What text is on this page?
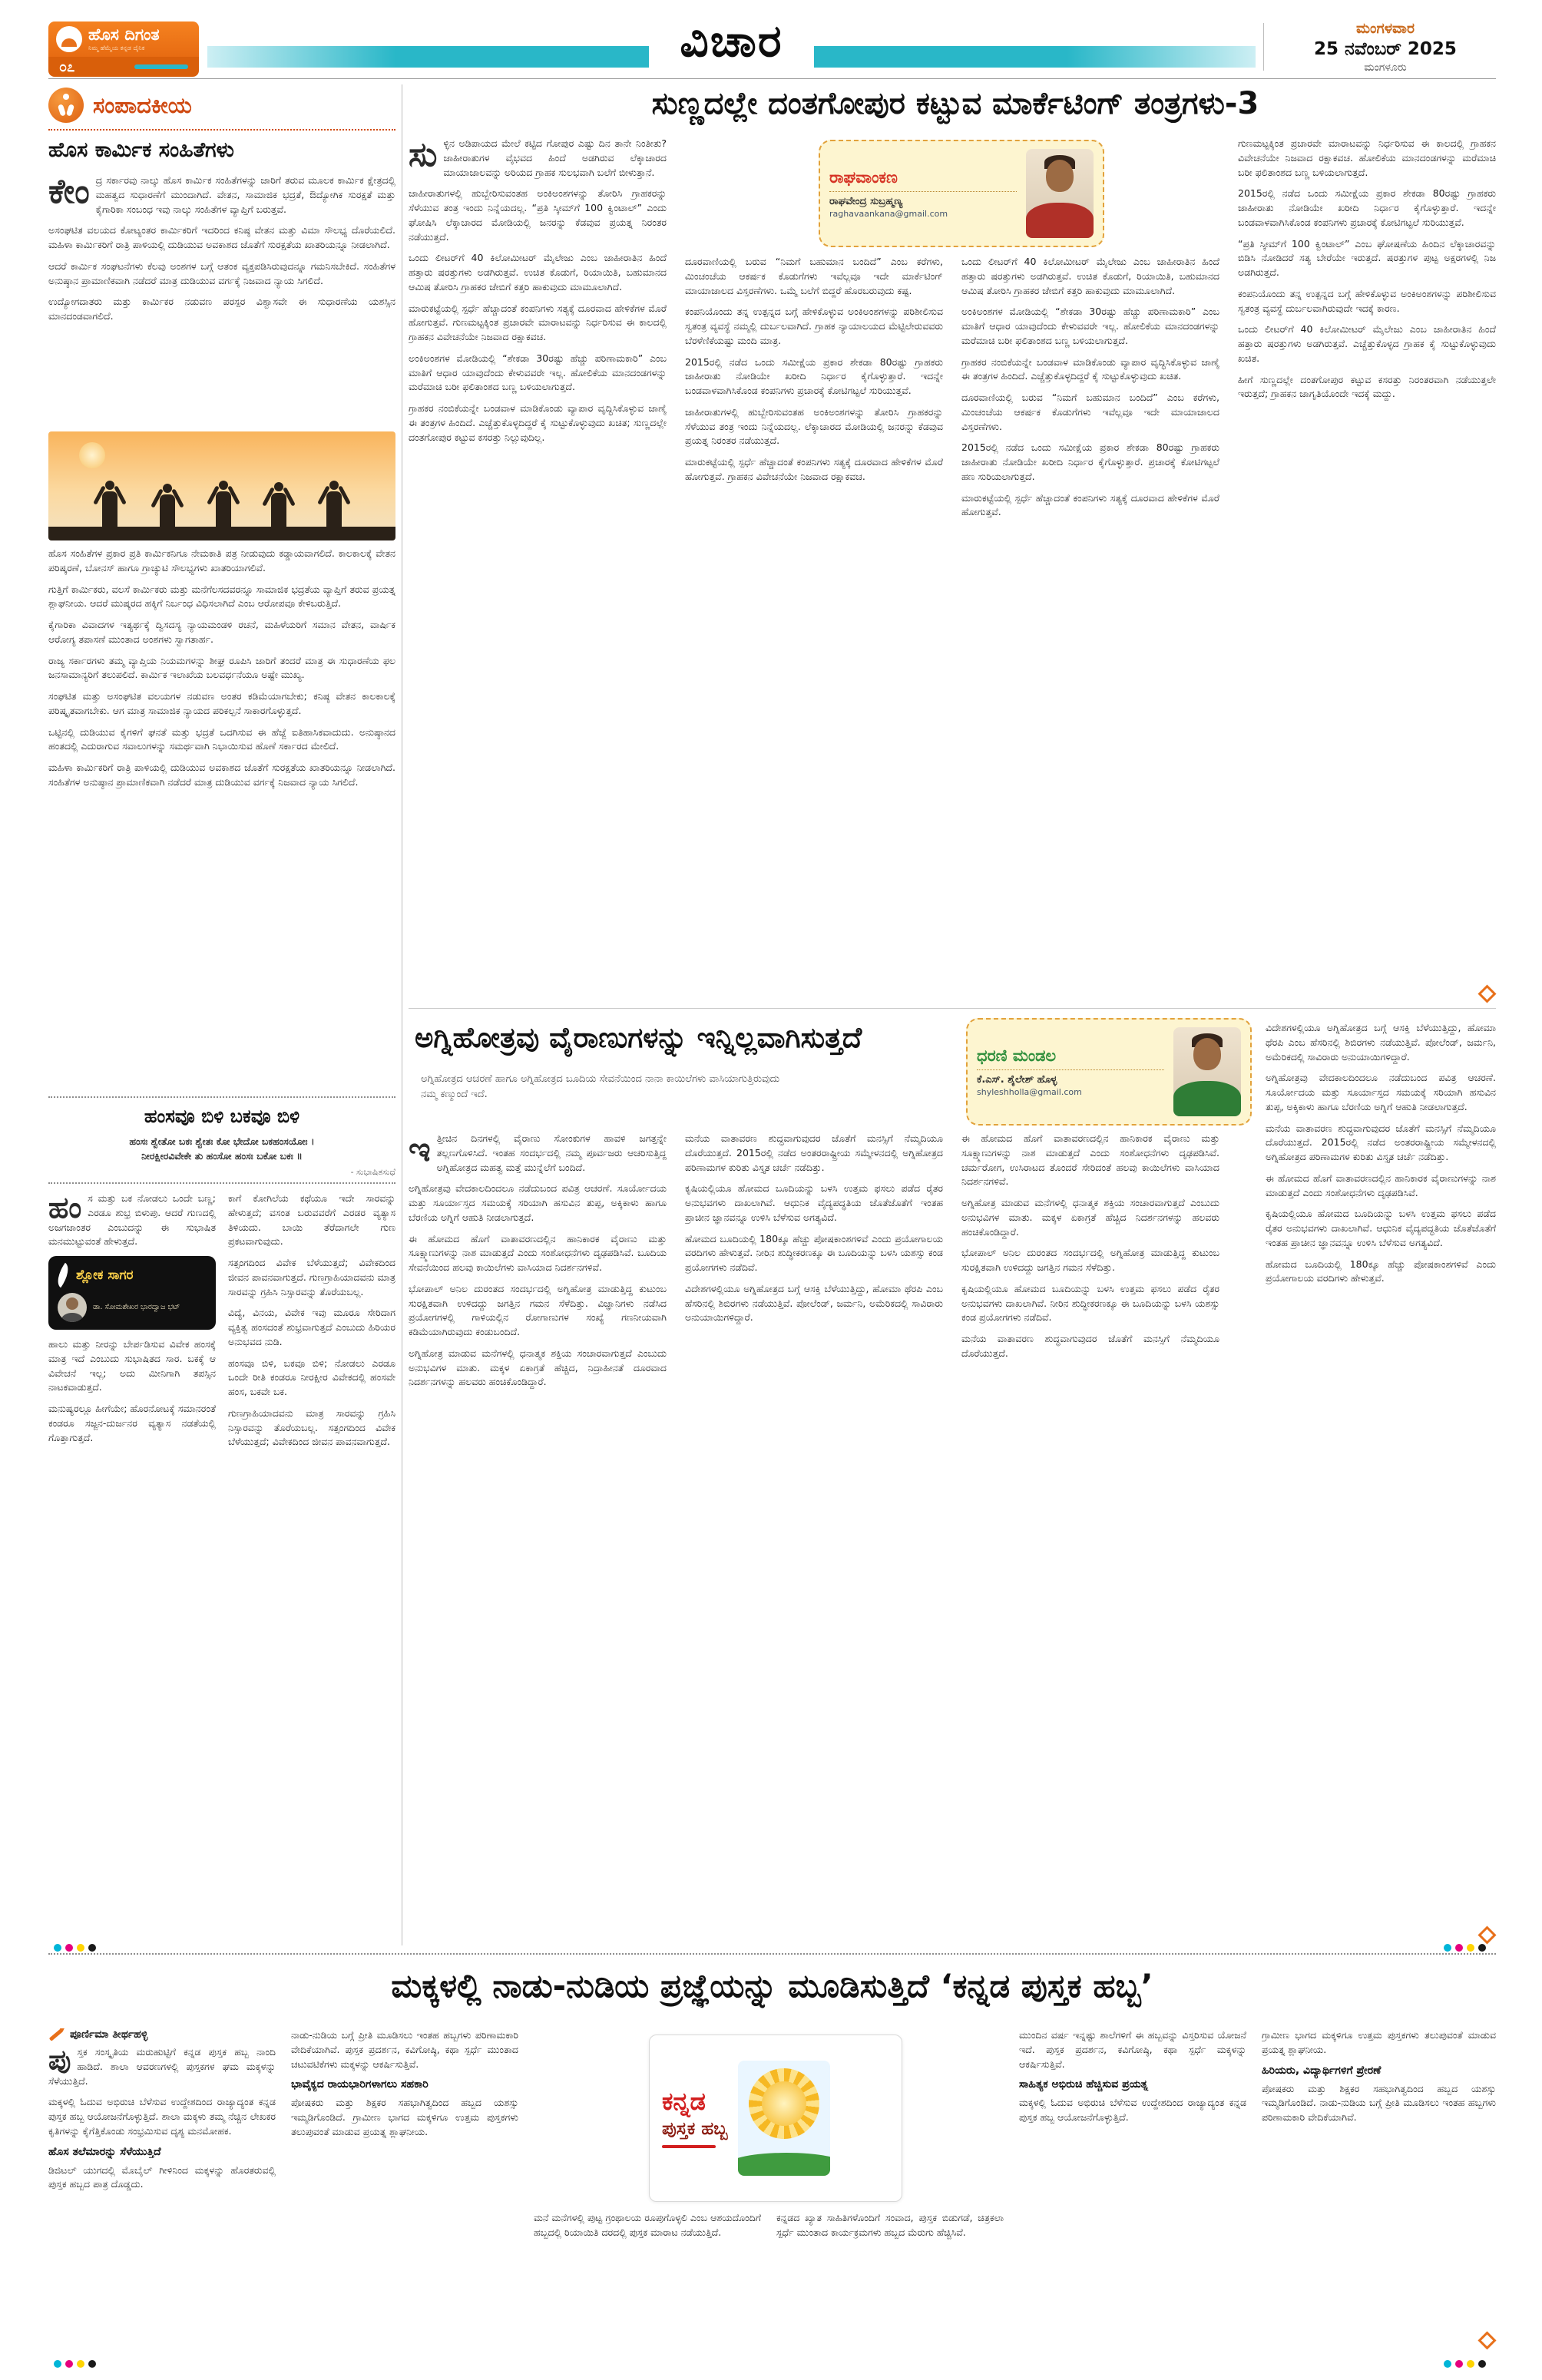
ಹೊಸ ದಿಗಂತ
ನಿಮ್ಮ ಹೆಮ್ಮೆಯ ಕನ್ನಡ ದೈನಿಕ
೦೭
ವಿಚಾರ	ಮಂಗಳವಾರ
25 ನವೆಂಬರ್ 2025
ಮಂಗಳೂರು
ಸಂಪಾದಕೀಯ
ಹೊಸ ಕಾರ್ಮಿಕ ಸಂಹಿತೆಗಳು

ಕೇಂದ್ರ ಸರ್ಕಾರವು ನಾಲ್ಕು ಹೊಸ ಕಾರ್ಮಿಕ ಸಂಹಿತೆಗಳನ್ನು ಜಾರಿಗೆ ತರುವ ಮೂಲಕ ಕಾರ್ಮಿಕ ಕ್ಷೇತ್ರದಲ್ಲಿ ಮಹತ್ವದ ಸುಧಾರಣೆಗೆ ಮುಂದಾಗಿದೆ. ವೇತನ, ಸಾಮಾಜಿಕ ಭದ್ರತೆ, ಔದ್ಯೋಗಿಕ ಸುರಕ್ಷತೆ ಮತ್ತು ಕೈಗಾರಿಕಾ ಸಂಬಂಧ ಇವು ನಾಲ್ಕು ಸಂಹಿತೆಗಳ ವ್ಯಾಪ್ತಿಗೆ ಬರುತ್ತವೆ.

ಅಸಂಘಟಿತ ವಲಯದ ಕೋಟ್ಯಂತರ ಕಾರ್ಮಿಕರಿಗೆ ಇದರಿಂದ ಕನಿಷ್ಠ ವೇತನ ಮತ್ತು ವಿಮಾ ಸೌಲಭ್ಯ ದೊರೆಯಲಿದೆ. ಮಹಿಳಾ ಕಾರ್ಮಿಕರಿಗೆ ರಾತ್ರಿ ಪಾಳಿಯಲ್ಲಿ ದುಡಿಯುವ ಅವಕಾಶದ ಜೊತೆಗೆ ಸುರಕ್ಷತೆಯ ಖಾತರಿಯನ್ನೂ ನೀಡಲಾಗಿದೆ.

ಆದರೆ ಕಾರ್ಮಿಕ ಸಂಘಟನೆಗಳು ಕೆಲವು ಅಂಶಗಳ ಬಗ್ಗೆ ಆತಂಕ ವ್ಯಕ್ತಪಡಿಸಿರುವುದನ್ನೂ ಗಮನಿಸಬೇಕಿದೆ. ಸಂಹಿತೆಗಳ ಅನುಷ್ಠಾನ ಪ್ರಾಮಾಣಿಕವಾಗಿ ನಡೆದರೆ ಮಾತ್ರ ದುಡಿಯುವ ವರ್ಗಕ್ಕೆ ನಿಜವಾದ ನ್ಯಾಯ ಸಿಗಲಿದೆ.

ಉದ್ಯೋಗದಾತರು ಮತ್ತು ಕಾರ್ಮಿಕರ ನಡುವಣ ಪರಸ್ಪರ ವಿಶ್ವಾಸವೇ ಈ ಸುಧಾರಣೆಯ ಯಶಸ್ಸಿನ ಮಾನದಂಡವಾಗಲಿದೆ.

ಹೊಸ ಸಂಹಿತೆಗಳ ಪ್ರಕಾರ ಪ್ರತಿ ಕಾರ್ಮಿಕನಿಗೂ ನೇಮಕಾತಿ ಪತ್ರ ನೀಡುವುದು ಕಡ್ಡಾಯವಾಗಲಿದೆ. ಕಾಲಕಾಲಕ್ಕೆ ವೇತನ ಪರಿಷ್ಕರಣೆ, ಬೋನಸ್ ಹಾಗೂ ಗ್ರಾಚ್ಯುಟಿ ಸೌಲಭ್ಯಗಳು ಖಾತರಿಯಾಗಲಿವೆ.

ಗುತ್ತಿಗೆ ಕಾರ್ಮಿಕರು, ವಲಸೆ ಕಾರ್ಮಿಕರು ಮತ್ತು ಮನೆಗೆಲಸದವರನ್ನೂ ಸಾಮಾಜಿಕ ಭದ್ರತೆಯ ವ್ಯಾಪ್ತಿಗೆ ತರುವ ಪ್ರಯತ್ನ ಶ್ಲಾಘನೀಯ. ಆದರೆ ಮುಷ್ಕರದ ಹಕ್ಕಿಗೆ ನಿರ್ಬಂಧ ವಿಧಿಸಲಾಗಿದೆ ಎಂಬ ಆರೋಪವೂ ಕೇಳಿಬರುತ್ತಿದೆ.

ಕೈಗಾರಿಕಾ ವಿವಾದಗಳ ಇತ್ಯರ್ಥಕ್ಕೆ ದ್ವಿಸದಸ್ಯ ನ್ಯಾಯಮಂಡಳಿ ರಚನೆ, ಮಹಿಳೆಯರಿಗೆ ಸಮಾನ ವೇತನ, ವಾರ್ಷಿಕ ಆರೋಗ್ಯ ತಪಾಸಣೆ ಮುಂತಾದ ಅಂಶಗಳು ಸ್ವಾಗತಾರ್ಹ.

ರಾಜ್ಯ ಸರ್ಕಾರಗಳು ತಮ್ಮ ವ್ಯಾಪ್ತಿಯ ನಿಯಮಗಳನ್ನು ಶೀಘ್ರ ರೂಪಿಸಿ ಜಾರಿಗೆ ತಂದರೆ ಮಾತ್ರ ಈ ಸುಧಾರಣೆಯ ಫಲ ಜನಸಾಮಾನ್ಯರಿಗೆ ತಲುಪಲಿದೆ. ಕಾರ್ಮಿಕ ಇಲಾಖೆಯ ಬಲವರ್ಧನೆಯೂ ಅಷ್ಟೇ ಮುಖ್ಯ.

ಸಂಘಟಿತ ಮತ್ತು ಅಸಂಘಟಿತ ವಲಯಗಳ ನಡುವಣ ಅಂತರ ಕಡಿಮೆಯಾಗಬೇಕು; ಕನಿಷ್ಠ ವೇತನ ಕಾಲಕಾಲಕ್ಕೆ ಪರಿಷ್ಕೃತವಾಗಬೇಕು. ಆಗ ಮಾತ್ರ ಸಾಮಾಜಿಕ ನ್ಯಾಯದ ಪರಿಕಲ್ಪನೆ ಸಾಕಾರಗೊಳ್ಳುತ್ತದೆ.

ಒಟ್ಟಿನಲ್ಲಿ ದುಡಿಯುವ ಕೈಗಳಿಗೆ ಘನತೆ ಮತ್ತು ಭದ್ರತೆ ಒದಗಿಸುವ ಈ ಹೆಜ್ಜೆ ಐತಿಹಾಸಿಕವಾದುದು. ಅನುಷ್ಠಾನದ ಹಂತದಲ್ಲಿ ಎದುರಾಗುವ ಸವಾಲುಗಳನ್ನು ಸಮರ್ಥವಾಗಿ ನಿಭಾಯಿಸುವ ಹೊಣೆ ಸರ್ಕಾರದ ಮೇಲಿದೆ.

ಮಹಿಳಾ ಕಾರ್ಮಿಕರಿಗೆ ರಾತ್ರಿ ಪಾಳಿಯಲ್ಲಿ ದುಡಿಯುವ ಅವಕಾಶದ ಜೊತೆಗೆ ಸುರಕ್ಷತೆಯ ಖಾತರಿಯನ್ನೂ ನೀಡಲಾಗಿದೆ. ಸಂಹಿತೆಗಳ ಅನುಷ್ಠಾನ ಪ್ರಾಮಾಣಿಕವಾಗಿ ನಡೆದರೆ ಮಾತ್ರ ದುಡಿಯುವ ವರ್ಗಕ್ಕೆ ನಿಜವಾದ ನ್ಯಾಯ ಸಿಗಲಿದೆ.

ಹಂಸವೂ ಬಿಳಿ ಬಕವೂ ಬಿಳಿ
ಹಂಸಃ ಶ್ವೇತೋ ಬಕಃ ಶ್ವೇತಃ ಕೋ ಭೇದೋ ಬಕಹಂಸಯೋಃ ।
ನೀರಕ್ಷೀರವಿವೇಕೇ ತು ಹಂಸೋ ಹಂಸಃ ಬಕೋ ಬಕಃ ॥
- ಸುಭಾಷಿತಸುಧೆ

ಹಂಸ ಮತ್ತು ಬಕ ನೋಡಲು ಒಂದೇ ಬಣ್ಣ; ಎರಡೂ ಶುಭ್ರ ಬಿಳುಪು. ಆದರೆ ಗುಣದಲ್ಲಿ ಅಜಗಜಾಂತರ ಎಂಬುದನ್ನು ಈ ಸುಭಾಷಿತ ಮನಮುಟ್ಟುವಂತೆ ಹೇಳುತ್ತದೆ.

ಶ್ಲೋಕ ಸಾಗರ
ಡಾ. ಸೋಮಶೇಖರ ಭಾರದ್ವಾಜ ಭಟ್

ಹಾಲು ಮತ್ತು ನೀರನ್ನು ಬೇರ್ಪಡಿಸುವ ವಿವೇಕ ಹಂಸಕ್ಕೆ ಮಾತ್ರ ಇದೆ ಎಂಬುದು ಸುಭಾಷಿತದ ಸಾರ. ಬಕಕ್ಕೆ ಆ ವಿವೇಚನೆ ಇಲ್ಲ; ಅದು ಮೀನಿಗಾಗಿ ತಪಸ್ಸಿನ ನಾಟಕವಾಡುತ್ತದೆ.

ಮನುಷ್ಯರಲ್ಲೂ ಹೀಗೆಯೇ; ಹೊರನೋಟಕ್ಕೆ ಸಮಾನರಂತೆ ಕಂಡರೂ ಸಜ್ಜನ-ದುರ್ಜನರ ವ್ಯತ್ಯಾಸ ನಡತೆಯಲ್ಲಿ ಗೊತ್ತಾಗುತ್ತದೆ.

ಕಾಗೆ ಕೋಗಿಲೆಯ ಕಥೆಯೂ ಇದೇ ಸಾರವನ್ನು ಹೇಳುತ್ತದೆ; ವಸಂತ ಬರುವವರೆಗೆ ಎರಡರ ವ್ಯತ್ಯಾಸ ತಿಳಿಯದು. ಬಾಯಿ ತೆರೆದಾಗಲೇ ಗುಣ ಪ್ರಕಟವಾಗುವುದು.

ಸತ್ಸಂಗದಿಂದ ವಿವೇಕ ಬೆಳೆಯುತ್ತದೆ; ವಿವೇಕದಿಂದ ಜೀವನ ಪಾವನವಾಗುತ್ತದೆ. ಗುಣಗ್ರಾಹಿಯಾದವನು ಮಾತ್ರ ಸಾರವನ್ನು ಗ್ರಹಿಸಿ ನಿಸ್ಸಾರವನ್ನು ತೊರೆಯಬಲ್ಲ.

ವಿದ್ಯೆ, ವಿನಯ, ವಿವೇಕ ಇವು ಮೂರೂ ಸೇರಿದಾಗ ವ್ಯಕ್ತಿತ್ವ ಹಂಸದಂತೆ ಶುಭ್ರವಾಗುತ್ತದೆ ಎಂಬುದು ಹಿರಿಯರ ಅನುಭವದ ನುಡಿ.

ಹಂಸವೂ ಬಿಳಿ, ಬಕವೂ ಬಿಳಿ; ನೋಡಲು ಎರಡೂ ಒಂದೇ ರೀತಿ ಕಂಡರೂ ನೀರಕ್ಷೀರ ವಿವೇಕದಲ್ಲಿ ಹಂಸವೇ ಹಂಸ, ಬಕವೇ ಬಕ.

ಗುಣಗ್ರಾಹಿಯಾದವನು ಮಾತ್ರ ಸಾರವನ್ನು ಗ್ರಹಿಸಿ ನಿಸ್ಸಾರವನ್ನು ತೊರೆಯಬಲ್ಲ. ಸತ್ಸಂಗದಿಂದ ವಿವೇಕ ಬೆಳೆಯುತ್ತದೆ; ವಿವೇಕದಿಂದ ಜೀವನ ಪಾವನವಾಗುತ್ತದೆ.

ಸುಣ್ಣದಲ್ಲೇ ದಂತಗೋಪುರ ಕಟ್ಟುವ ಮಾರ್ಕೆಟಿಂಗ್ ತಂತ್ರಗಳು-3

ಸುಳ್ಳಿನ ಅಡಿಪಾಯದ ಮೇಲೆ ಕಟ್ಟಿದ ಗೋಪುರ ಎಷ್ಟು ದಿನ ತಾನೇ ನಿಂತೀತು? ಜಾಹೀರಾತುಗಳ ವೈಭವದ ಹಿಂದೆ ಅಡಗಿರುವ ಲೆಕ್ಕಾಚಾರದ ಮಾಯಾಜಾಲವನ್ನು ಅರಿಯದ ಗ್ರಾಹಕ ಸುಲಭವಾಗಿ ಬಲೆಗೆ ಬೀಳುತ್ತಾನೆ.

ಜಾಹೀರಾತುಗಳಲ್ಲಿ ಹುಬ್ಬೇರಿಸುವಂತಹ ಅಂಕಿಅಂಶಗಳನ್ನು ತೋರಿಸಿ ಗ್ರಾಹಕರನ್ನು ಸೆಳೆಯುವ ತಂತ್ರ ಇಂದು ನಿನ್ನೆಯದಲ್ಲ. “ಪ್ರತಿ ಸ್ಕೀಮ್‌ಗೆ 100 ಕ್ವಿಂಟಾಲ್” ಎಂದು ಘೋಷಿಸಿ ಲೆಕ್ಕಾಚಾರದ ಮೋಡಿಯಲ್ಲಿ ಜನರನ್ನು ಕೆಡವುವ ಪ್ರಯತ್ನ ನಿರಂತರ ನಡೆಯುತ್ತದೆ.

ಒಂದು ಲೀಟರ್‌ಗೆ 40 ಕಿಲೋಮೀಟರ್ ಮೈಲೇಜು ಎಂಬ ಜಾಹೀರಾತಿನ ಹಿಂದೆ ಹತ್ತಾರು ಷರತ್ತುಗಳು ಅಡಗಿರುತ್ತವೆ. ಉಚಿತ ಕೊಡುಗೆ, ರಿಯಾಯಿತಿ, ಬಹುಮಾನದ ಆಮಿಷ ತೋರಿಸಿ ಗ್ರಾಹಕರ ಜೇಬಿಗೆ ಕತ್ತರಿ ಹಾಕುವುದು ಮಾಮೂಲಾಗಿದೆ.

ಮಾರುಕಟ್ಟೆಯಲ್ಲಿ ಸ್ಪರ್ಧೆ ಹೆಚ್ಚಾದಂತೆ ಕಂಪನಿಗಳು ಸತ್ಯಕ್ಕೆ ದೂರವಾದ ಹೇಳಿಕೆಗಳ ಮೊರೆ ಹೋಗುತ್ತವೆ. ಗುಣಮಟ್ಟಕ್ಕಿಂತ ಪ್ರಚಾರವೇ ಮಾರಾಟವನ್ನು ನಿರ್ಧರಿಸುವ ಈ ಕಾಲದಲ್ಲಿ ಗ್ರಾಹಕನ ವಿವೇಚನೆಯೇ ನಿಜವಾದ ರಕ್ಷಾಕವಚ.

ಅಂಕಿಅಂಶಗಳ ಮೋಡಿಯಲ್ಲಿ “ಶೇಕಡಾ 30ರಷ್ಟು ಹೆಚ್ಚು ಪರಿಣಾಮಕಾರಿ” ಎಂಬ ಮಾತಿಗೆ ಆಧಾರ ಯಾವುದೆಂದು ಕೇಳುವವರೇ ಇಲ್ಲ. ಹೋಲಿಕೆಯ ಮಾನದಂಡಗಳನ್ನು ಮರೆಮಾಚಿ ಬರೀ ಫಲಿತಾಂಶದ ಬಣ್ಣ ಬಳಿಯಲಾಗುತ್ತದೆ.

ಗ್ರಾಹಕರ ನಂಬಿಕೆಯನ್ನೇ ಬಂಡವಾಳ ಮಾಡಿಕೊಂಡು ವ್ಯಾಪಾರ ವೃದ್ಧಿಸಿಕೊಳ್ಳುವ ಜಾಣ್ಮೆ ಈ ತಂತ್ರಗಳ ಹಿಂದಿದೆ. ಎಚ್ಚೆತ್ತುಕೊಳ್ಳದಿದ್ದರೆ ಕೈ ಸುಟ್ಟುಕೊಳ್ಳುವುದು ಖಚಿತ; ಸುಣ್ಣದಲ್ಲೇ ದಂತಗೋಪುರ ಕಟ್ಟುವ ಕಸರತ್ತು ನಿಲ್ಲುವುದಿಲ್ಲ.

ದೂರವಾಣಿಯಲ್ಲಿ ಬರುವ “ನಿಮಗೆ ಬಹುಮಾನ ಬಂದಿದೆ” ಎಂಬ ಕರೆಗಳು, ಮಿಂಚಂಚೆಯ ಆಕರ್ಷಕ ಕೊಡುಗೆಗಳು ಇವೆಲ್ಲವೂ ಇದೇ ಮಾರ್ಕೆಟಿಂಗ್ ಮಾಯಾಜಾಲದ ವಿಸ್ತರಣೆಗಳು. ಒಮ್ಮೆ ಬಲೆಗೆ ಬಿದ್ದರೆ ಹೊರಬರುವುದು ಕಷ್ಟ.

ಕಂಪನಿಯೊಂದು ತನ್ನ ಉತ್ಪನ್ನದ ಬಗ್ಗೆ ಹೇಳಿಕೊಳ್ಳುವ ಅಂಕಿಅಂಶಗಳನ್ನು ಪರಿಶೀಲಿಸುವ ಸ್ವತಂತ್ರ ವ್ಯವಸ್ಥೆ ನಮ್ಮಲ್ಲಿ ದುರ್ಬಲವಾಗಿದೆ. ಗ್ರಾಹಕ ನ್ಯಾಯಾಲಯದ ಮೆಟ್ಟಿಲೇರುವವರು ಬೆರಳೆಣಿಕೆಯಷ್ಟು ಮಂದಿ ಮಾತ್ರ.

2015ರಲ್ಲಿ ನಡೆದ ಒಂದು ಸಮೀಕ್ಷೆಯ ಪ್ರಕಾರ ಶೇಕಡಾ 80ರಷ್ಟು ಗ್ರಾಹಕರು ಜಾಹೀರಾತು ನೋಡಿಯೇ ಖರೀದಿ ನಿರ್ಧಾರ ಕೈಗೊಳ್ಳುತ್ತಾರೆ. ಇದನ್ನೇ ಬಂಡವಾಳವಾಗಿಸಿಕೊಂಡ ಕಂಪನಿಗಳು ಪ್ರಚಾರಕ್ಕೆ ಕೋಟಿಗಟ್ಟಲೆ ಸುರಿಯುತ್ತವೆ.

ಜಾಹೀರಾತುಗಳಲ್ಲಿ ಹುಬ್ಬೇರಿಸುವಂತಹ ಅಂಕಿಅಂಶಗಳನ್ನು ತೋರಿಸಿ ಗ್ರಾಹಕರನ್ನು ಸೆಳೆಯುವ ತಂತ್ರ ಇಂದು ನಿನ್ನೆಯದಲ್ಲ. ಲೆಕ್ಕಾಚಾರದ ಮೋಡಿಯಲ್ಲಿ ಜನರನ್ನು ಕೆಡವುವ ಪ್ರಯತ್ನ ನಿರಂತರ ನಡೆಯುತ್ತದೆ.

ಮಾರುಕಟ್ಟೆಯಲ್ಲಿ ಸ್ಪರ್ಧೆ ಹೆಚ್ಚಾದಂತೆ ಕಂಪನಿಗಳು ಸತ್ಯಕ್ಕೆ ದೂರವಾದ ಹೇಳಿಕೆಗಳ ಮೊರೆ ಹೋಗುತ್ತವೆ. ಗ್ರಾಹಕನ ವಿವೇಚನೆಯೇ ನಿಜವಾದ ರಕ್ಷಾಕವಚ.

ಒಂದು ಲೀಟರ್‌ಗೆ 40 ಕಿಲೋಮೀಟರ್ ಮೈಲೇಜು ಎಂಬ ಜಾಹೀರಾತಿನ ಹಿಂದೆ ಹತ್ತಾರು ಷರತ್ತುಗಳು ಅಡಗಿರುತ್ತವೆ. ಉಚಿತ ಕೊಡುಗೆ, ರಿಯಾಯಿತಿ, ಬಹುಮಾನದ ಆಮಿಷ ತೋರಿಸಿ ಗ್ರಾಹಕರ ಜೇಬಿಗೆ ಕತ್ತರಿ ಹಾಕುವುದು ಮಾಮೂಲಾಗಿದೆ.

ಅಂಕಿಅಂಶಗಳ ಮೋಡಿಯಲ್ಲಿ “ಶೇಕಡಾ 30ರಷ್ಟು ಹೆಚ್ಚು ಪರಿಣಾಮಕಾರಿ” ಎಂಬ ಮಾತಿಗೆ ಆಧಾರ ಯಾವುದೆಂದು ಕೇಳುವವರೇ ಇಲ್ಲ. ಹೋಲಿಕೆಯ ಮಾನದಂಡಗಳನ್ನು ಮರೆಮಾಚಿ ಬರೀ ಫಲಿತಾಂಶದ ಬಣ್ಣ ಬಳಿಯಲಾಗುತ್ತದೆ.

ಗ್ರಾಹಕರ ನಂಬಿಕೆಯನ್ನೇ ಬಂಡವಾಳ ಮಾಡಿಕೊಂಡು ವ್ಯಾಪಾರ ವೃದ್ಧಿಸಿಕೊಳ್ಳುವ ಜಾಣ್ಮೆ ಈ ತಂತ್ರಗಳ ಹಿಂದಿದೆ. ಎಚ್ಚೆತ್ತುಕೊಳ್ಳದಿದ್ದರೆ ಕೈ ಸುಟ್ಟುಕೊಳ್ಳುವುದು ಖಚಿತ.

ದೂರವಾಣಿಯಲ್ಲಿ ಬರುವ “ನಿಮಗೆ ಬಹುಮಾನ ಬಂದಿದೆ” ಎಂಬ ಕರೆಗಳು, ಮಿಂಚಂಚೆಯ ಆಕರ್ಷಕ ಕೊಡುಗೆಗಳು ಇವೆಲ್ಲವೂ ಇದೇ ಮಾಯಾಜಾಲದ ವಿಸ್ತರಣೆಗಳು.

2015ರಲ್ಲಿ ನಡೆದ ಒಂದು ಸಮೀಕ್ಷೆಯ ಪ್ರಕಾರ ಶೇಕಡಾ 80ರಷ್ಟು ಗ್ರಾಹಕರು ಜಾಹೀರಾತು ನೋಡಿಯೇ ಖರೀದಿ ನಿರ್ಧಾರ ಕೈಗೊಳ್ಳುತ್ತಾರೆ. ಪ್ರಚಾರಕ್ಕೆ ಕೋಟಿಗಟ್ಟಲೆ ಹಣ ಸುರಿಯಲಾಗುತ್ತದೆ.

ಮಾರುಕಟ್ಟೆಯಲ್ಲಿ ಸ್ಪರ್ಧೆ ಹೆಚ್ಚಾದಂತೆ ಕಂಪನಿಗಳು ಸತ್ಯಕ್ಕೆ ದೂರವಾದ ಹೇಳಿಕೆಗಳ ಮೊರೆ ಹೋಗುತ್ತವೆ.

ಗುಣಮಟ್ಟಕ್ಕಿಂತ ಪ್ರಚಾರವೇ ಮಾರಾಟವನ್ನು ನಿರ್ಧರಿಸುವ ಈ ಕಾಲದಲ್ಲಿ ಗ್ರಾಹಕನ ವಿವೇಚನೆಯೇ ನಿಜವಾದ ರಕ್ಷಾಕವಚ. ಹೋಲಿಕೆಯ ಮಾನದಂಡಗಳನ್ನು ಮರೆಮಾಚಿ ಬರೀ ಫಲಿತಾಂಶದ ಬಣ್ಣ ಬಳಿಯಲಾಗುತ್ತದೆ.

2015ರಲ್ಲಿ ನಡೆದ ಒಂದು ಸಮೀಕ್ಷೆಯ ಪ್ರಕಾರ ಶೇಕಡಾ 80ರಷ್ಟು ಗ್ರಾಹಕರು ಜಾಹೀರಾತು ನೋಡಿಯೇ ಖರೀದಿ ನಿರ್ಧಾರ ಕೈಗೊಳ್ಳುತ್ತಾರೆ. ಇದನ್ನೇ ಬಂಡವಾಳವಾಗಿಸಿಕೊಂಡ ಕಂಪನಿಗಳು ಪ್ರಚಾರಕ್ಕೆ ಕೋಟಿಗಟ್ಟಲೆ ಸುರಿಯುತ್ತವೆ.

“ಪ್ರತಿ ಸ್ಕೀಮ್‌ಗೆ 100 ಕ್ವಿಂಟಾಲ್” ಎಂಬ ಘೋಷಣೆಯ ಹಿಂದಿನ ಲೆಕ್ಕಾಚಾರವನ್ನು ಬಿಡಿಸಿ ನೋಡಿದರೆ ಸತ್ಯ ಬೇರೆಯೇ ಇರುತ್ತದೆ. ಷರತ್ತುಗಳ ಪುಟ್ಟ ಅಕ್ಷರಗಳಲ್ಲಿ ನಿಜ ಅಡಗಿರುತ್ತದೆ.

ಕಂಪನಿಯೊಂದು ತನ್ನ ಉತ್ಪನ್ನದ ಬಗ್ಗೆ ಹೇಳಿಕೊಳ್ಳುವ ಅಂಕಿಅಂಶಗಳನ್ನು ಪರಿಶೀಲಿಸುವ ಸ್ವತಂತ್ರ ವ್ಯವಸ್ಥೆ ದುರ್ಬಲವಾಗಿರುವುದೇ ಇದಕ್ಕೆ ಕಾರಣ.

ಒಂದು ಲೀಟರ್‌ಗೆ 40 ಕಿಲೋಮೀಟರ್ ಮೈಲೇಜು ಎಂಬ ಜಾಹೀರಾತಿನ ಹಿಂದೆ ಹತ್ತಾರು ಷರತ್ತುಗಳು ಅಡಗಿರುತ್ತವೆ. ಎಚ್ಚೆತ್ತುಕೊಳ್ಳದ ಗ್ರಾಹಕ ಕೈ ಸುಟ್ಟುಕೊಳ್ಳುವುದು ಖಚಿತ.

ಹೀಗೆ ಸುಣ್ಣದಲ್ಲೇ ದಂತಗೋಪುರ ಕಟ್ಟುವ ಕಸರತ್ತು ನಿರಂತರವಾಗಿ ನಡೆಯುತ್ತಲೇ ಇರುತ್ತದೆ; ಗ್ರಾಹಕನ ಜಾಗೃತಿಯೊಂದೇ ಇದಕ್ಕೆ ಮದ್ದು.

ರಾಘವಾಂಕಣ
ರಾಘವೇಂದ್ರ ಸುಬ್ರಹ್ಮಣ್ಯ
raghavaankana@gmail.com
ಅಗ್ನಿಹೋತ್ರವು ವೈರಾಣುಗಳನ್ನು ಇನ್ನಿಲ್ಲವಾಗಿಸುತ್ತದೆ
ಅಗ್ನಿಹೋತ್ರದ ಆಚರಣೆ ಹಾಗೂ ಅಗ್ನಿಹೋತ್ರದ ಬೂದಿಯ ಸೇವನೆಯಿಂದ ನಾನಾ ಕಾಯಿಲೆಗಳು ವಾಸಿಯಾಗುತ್ತಿರುವುದು ನಮ್ಮ ಕಣ್ಮುಂದೆ ಇದೆ.
ಧರಣಿ ಮಂಡಲ
ಕೆ.ಎಸ್. ಶೈಲೇಶ್ ಹೊಳ್ಳ
shyleshholla@gmail.com

ಇತ್ತೀಚಿನ ದಿನಗಳಲ್ಲಿ ವೈರಾಣು ಸೋಂಕುಗಳ ಹಾವಳಿ ಜಗತ್ತನ್ನೇ ತಲ್ಲಣಗೊಳಿಸಿದೆ. ಇಂತಹ ಸಂದರ್ಭದಲ್ಲಿ ನಮ್ಮ ಪೂರ್ವಜರು ಆಚರಿಸುತ್ತಿದ್ದ ಅಗ್ನಿಹೋತ್ರದ ಮಹತ್ವ ಮತ್ತೆ ಮುನ್ನೆಲೆಗೆ ಬಂದಿದೆ.

ಅಗ್ನಿಹೋತ್ರವು ವೇದಕಾಲದಿಂದಲೂ ನಡೆದುಬಂದ ಪವಿತ್ರ ಆಚರಣೆ. ಸೂರ್ಯೋದಯ ಮತ್ತು ಸೂರ್ಯಾಸ್ತದ ಸಮಯಕ್ಕೆ ಸರಿಯಾಗಿ ಹಸುವಿನ ತುಪ್ಪ, ಅಕ್ಕಿಕಾಳು ಹಾಗೂ ಬೆರಣಿಯ ಅಗ್ನಿಗೆ ಆಹುತಿ ನೀಡಲಾಗುತ್ತದೆ.

ಈ ಹೋಮದ ಹೊಗೆ ವಾತಾವರಣದಲ್ಲಿನ ಹಾನಿಕಾರಕ ವೈರಾಣು ಮತ್ತು ಸೂಕ್ಷ್ಮಾಣುಗಳನ್ನು ನಾಶ ಮಾಡುತ್ತದೆ ಎಂದು ಸಂಶೋಧನೆಗಳು ದೃಢಪಡಿಸಿವೆ. ಬೂದಿಯ ಸೇವನೆಯಿಂದ ಹಲವು ಕಾಯಿಲೆಗಳು ವಾಸಿಯಾದ ನಿದರ್ಶನಗಳಿವೆ.

ಭೋಪಾಲ್ ಅನಿಲ ದುರಂತದ ಸಂದರ್ಭದಲ್ಲಿ ಅಗ್ನಿಹೋತ್ರ ಮಾಡುತ್ತಿದ್ದ ಕುಟುಂಬ ಸುರಕ್ಷಿತವಾಗಿ ಉಳಿದದ್ದು ಜಗತ್ತಿನ ಗಮನ ಸೆಳೆದಿತ್ತು. ವಿಜ್ಞಾನಿಗಳು ನಡೆಸಿದ ಪ್ರಯೋಗಗಳಲ್ಲಿ ಗಾಳಿಯಲ್ಲಿನ ರೋಗಾಣುಗಳ ಸಂಖ್ಯೆ ಗಣನೀಯವಾಗಿ ಕಡಿಮೆಯಾಗಿರುವುದು ಕಂಡುಬಂದಿದೆ.

ಅಗ್ನಿಹೋತ್ರ ಮಾಡುವ ಮನೆಗಳಲ್ಲಿ ಧನಾತ್ಮಕ ಶಕ್ತಿಯ ಸಂಚಾರವಾಗುತ್ತದೆ ಎಂಬುದು ಅನುಭವಿಗಳ ಮಾತು. ಮಕ್ಕಳ ಏಕಾಗ್ರತೆ ಹೆಚ್ಚಿದ, ನಿದ್ರಾಹೀನತೆ ದೂರವಾದ ನಿದರ್ಶನಗಳನ್ನು ಹಲವರು ಹಂಚಿಕೊಂಡಿದ್ದಾರೆ.

ಮನೆಯ ವಾತಾವರಣ ಶುದ್ಧವಾಗುವುದರ ಜೊತೆಗೆ ಮನಸ್ಸಿಗೆ ನೆಮ್ಮದಿಯೂ ದೊರೆಯುತ್ತದೆ. 2015ರಲ್ಲಿ ನಡೆದ ಅಂತರರಾಷ್ಟ್ರೀಯ ಸಮ್ಮೇಳನದಲ್ಲಿ ಅಗ್ನಿಹೋತ್ರದ ಪರಿಣಾಮಗಳ ಕುರಿತು ವಿಸ್ತೃತ ಚರ್ಚೆ ನಡೆದಿತ್ತು.

ಕೃಷಿಯಲ್ಲಿಯೂ ಹೋಮದ ಬೂದಿಯನ್ನು ಬಳಸಿ ಉತ್ತಮ ಫಸಲು ಪಡೆದ ರೈತರ ಅನುಭವಗಳು ದಾಖಲಾಗಿವೆ. ಆಧುನಿಕ ವೈದ್ಯಪದ್ಧತಿಯ ಜೊತೆಜೊತೆಗೆ ಇಂತಹ ಪ್ರಾಚೀನ ಜ್ಞಾನವನ್ನೂ ಉಳಿಸಿ ಬೆಳೆಸುವ ಅಗತ್ಯವಿದೆ.

ಹೋಮದ ಬೂದಿಯಲ್ಲಿ 180ಕ್ಕೂ ಹೆಚ್ಚು ಪೋಷಕಾಂಶಗಳಿವೆ ಎಂದು ಪ್ರಯೋಗಾಲಯ ವರದಿಗಳು ಹೇಳುತ್ತವೆ. ನೀರಿನ ಶುದ್ಧೀಕರಣಕ್ಕೂ ಈ ಬೂದಿಯನ್ನು ಬಳಸಿ ಯಶಸ್ಸು ಕಂಡ ಪ್ರಯೋಗಗಳು ನಡೆದಿವೆ.

ವಿದೇಶಗಳಲ್ಲಿಯೂ ಅಗ್ನಿಹೋತ್ರದ ಬಗ್ಗೆ ಆಸಕ್ತಿ ಬೆಳೆಯುತ್ತಿದ್ದು, ಹೋಮಾ ಥೆರಪಿ ಎಂಬ ಹೆಸರಿನಲ್ಲಿ ಶಿಬಿರಗಳು ನಡೆಯುತ್ತಿವೆ. ಪೋಲೆಂಡ್, ಜರ್ಮನಿ, ಅಮೆರಿಕದಲ್ಲಿ ಸಾವಿರಾರು ಅನುಯಾಯಿಗಳಿದ್ದಾರೆ.

ಈ ಹೋಮದ ಹೊಗೆ ವಾತಾವರಣದಲ್ಲಿನ ಹಾನಿಕಾರಕ ವೈರಾಣು ಮತ್ತು ಸೂಕ್ಷ್ಮಾಣುಗಳನ್ನು ನಾಶ ಮಾಡುತ್ತದೆ ಎಂದು ಸಂಶೋಧನೆಗಳು ದೃಢಪಡಿಸಿವೆ. ಚರ್ಮರೋಗ, ಉಸಿರಾಟದ ತೊಂದರೆ ಸೇರಿದಂತೆ ಹಲವು ಕಾಯಿಲೆಗಳು ವಾಸಿಯಾದ ನಿದರ್ಶನಗಳಿವೆ.

ಅಗ್ನಿಹೋತ್ರ ಮಾಡುವ ಮನೆಗಳಲ್ಲಿ ಧನಾತ್ಮಕ ಶಕ್ತಿಯ ಸಂಚಾರವಾಗುತ್ತದೆ ಎಂಬುದು ಅನುಭವಿಗಳ ಮಾತು. ಮಕ್ಕಳ ಏಕಾಗ್ರತೆ ಹೆಚ್ಚಿದ ನಿದರ್ಶನಗಳನ್ನು ಹಲವರು ಹಂಚಿಕೊಂಡಿದ್ದಾರೆ.

ಭೋಪಾಲ್ ಅನಿಲ ದುರಂತದ ಸಂದರ್ಭದಲ್ಲಿ ಅಗ್ನಿಹೋತ್ರ ಮಾಡುತ್ತಿದ್ದ ಕುಟುಂಬ ಸುರಕ್ಷಿತವಾಗಿ ಉಳಿದದ್ದು ಜಗತ್ತಿನ ಗಮನ ಸೆಳೆದಿತ್ತು.

ಕೃಷಿಯಲ್ಲಿಯೂ ಹೋಮದ ಬೂದಿಯನ್ನು ಬಳಸಿ ಉತ್ತಮ ಫಸಲು ಪಡೆದ ರೈತರ ಅನುಭವಗಳು ದಾಖಲಾಗಿವೆ. ನೀರಿನ ಶುದ್ಧೀಕರಣಕ್ಕೂ ಈ ಬೂದಿಯನ್ನು ಬಳಸಿ ಯಶಸ್ಸು ಕಂಡ ಪ್ರಯೋಗಗಳು ನಡೆದಿವೆ.

ಮನೆಯ ವಾತಾವರಣ ಶುದ್ಧವಾಗುವುದರ ಜೊತೆಗೆ ಮನಸ್ಸಿಗೆ ನೆಮ್ಮದಿಯೂ ದೊರೆಯುತ್ತದೆ.

ವಿದೇಶಗಳಲ್ಲಿಯೂ ಅಗ್ನಿಹೋತ್ರದ ಬಗ್ಗೆ ಆಸಕ್ತಿ ಬೆಳೆಯುತ್ತಿದ್ದು, ಹೋಮಾ ಥೆರಪಿ ಎಂಬ ಹೆಸರಿನಲ್ಲಿ ಶಿಬಿರಗಳು ನಡೆಯುತ್ತಿವೆ. ಪೋಲೆಂಡ್, ಜರ್ಮನಿ, ಅಮೆರಿಕದಲ್ಲಿ ಸಾವಿರಾರು ಅನುಯಾಯಿಗಳಿದ್ದಾರೆ.

ಅಗ್ನಿಹೋತ್ರವು ವೇದಕಾಲದಿಂದಲೂ ನಡೆದುಬಂದ ಪವಿತ್ರ ಆಚರಣೆ. ಸೂರ್ಯೋದಯ ಮತ್ತು ಸೂರ್ಯಾಸ್ತದ ಸಮಯಕ್ಕೆ ಸರಿಯಾಗಿ ಹಸುವಿನ ತುಪ್ಪ, ಅಕ್ಕಿಕಾಳು ಹಾಗೂ ಬೆರಣಿಯ ಅಗ್ನಿಗೆ ಆಹುತಿ ನೀಡಲಾಗುತ್ತದೆ.

ಮನೆಯ ವಾತಾವರಣ ಶುದ್ಧವಾಗುವುದರ ಜೊತೆಗೆ ಮನಸ್ಸಿಗೆ ನೆಮ್ಮದಿಯೂ ದೊರೆಯುತ್ತದೆ. 2015ರಲ್ಲಿ ನಡೆದ ಅಂತರರಾಷ್ಟ್ರೀಯ ಸಮ್ಮೇಳನದಲ್ಲಿ ಅಗ್ನಿಹೋತ್ರದ ಪರಿಣಾಮಗಳ ಕುರಿತು ವಿಸ್ತೃತ ಚರ್ಚೆ ನಡೆದಿತ್ತು.

ಈ ಹೋಮದ ಹೊಗೆ ವಾತಾವರಣದಲ್ಲಿನ ಹಾನಿಕಾರಕ ವೈರಾಣುಗಳನ್ನು ನಾಶ ಮಾಡುತ್ತದೆ ಎಂದು ಸಂಶೋಧನೆಗಳು ದೃಢಪಡಿಸಿವೆ.

ಕೃಷಿಯಲ್ಲಿಯೂ ಹೋಮದ ಬೂದಿಯನ್ನು ಬಳಸಿ ಉತ್ತಮ ಫಸಲು ಪಡೆದ ರೈತರ ಅನುಭವಗಳು ದಾಖಲಾಗಿವೆ. ಆಧುನಿಕ ವೈದ್ಯಪದ್ಧತಿಯ ಜೊತೆಜೊತೆಗೆ ಇಂತಹ ಪ್ರಾಚೀನ ಜ್ಞಾನವನ್ನೂ ಉಳಿಸಿ ಬೆಳೆಸುವ ಅಗತ್ಯವಿದೆ.

ಹೋಮದ ಬೂದಿಯಲ್ಲಿ 180ಕ್ಕೂ ಹೆಚ್ಚು ಪೋಷಕಾಂಶಗಳಿವೆ ಎಂದು ಪ್ರಯೋಗಾಲಯ ವರದಿಗಳು ಹೇಳುತ್ತವೆ.

ಮಕ್ಕಳಲ್ಲಿ ನಾಡು-ನುಡಿಯ ಪ್ರಜ್ಞೆಯನ್ನು ಮೂಡಿಸುತ್ತಿದೆ ‘ಕನ್ನಡ ಪುಸ್ತಕ ಹಬ್ಬ’
ಪೂರ್ಣಿಮಾ ತೀರ್ಥಹಳ್ಳಿ

ಪುಸ್ತಕ ಸಂಸ್ಕೃತಿಯ ಮರುಹುಟ್ಟಿಗೆ ಕನ್ನಡ ಪುಸ್ತಕ ಹಬ್ಬ ನಾಂದಿ ಹಾಡಿದೆ. ಶಾಲಾ ಆವರಣಗಳಲ್ಲಿ ಪುಸ್ತಕಗಳ ಘಮ ಮಕ್ಕಳನ್ನು ಸೆಳೆಯುತ್ತಿದೆ.

ಮಕ್ಕಳಲ್ಲಿ ಓದುವ ಅಭಿರುಚಿ ಬೆಳೆಸುವ ಉದ್ದೇಶದಿಂದ ರಾಜ್ಯಾದ್ಯಂತ ಕನ್ನಡ ಪುಸ್ತಕ ಹಬ್ಬ ಆಯೋಜನೆಗೊಳ್ಳುತ್ತಿದೆ. ಶಾಲಾ ಮಕ್ಕಳು ತಮ್ಮ ನೆಚ್ಚಿನ ಲೇಖಕರ ಕೃತಿಗಳನ್ನು ಕೈಗೆತ್ತಿಕೊಂಡು ಸಂಭ್ರಮಿಸುವ ದೃಶ್ಯ ಮನಮೋಹಕ.

ಹೊಸ ತಲೆಮಾರನ್ನು ಸೆಳೆಯುತ್ತಿದೆ

ಡಿಜಿಟಲ್ ಯುಗದಲ್ಲಿ ಮೊಬೈಲ್ ಗೀಳಿನಿಂದ ಮಕ್ಕಳನ್ನು ಹೊರತರುವಲ್ಲಿ ಪುಸ್ತಕ ಹಬ್ಬದ ಪಾತ್ರ ದೊಡ್ಡದು.

ನಾಡು-ನುಡಿಯ ಬಗ್ಗೆ ಪ್ರೀತಿ ಮೂಡಿಸಲು ಇಂತಹ ಹಬ್ಬಗಳು ಪರಿಣಾಮಕಾರಿ ವೇದಿಕೆಯಾಗಿವೆ. ಪುಸ್ತಕ ಪ್ರದರ್ಶನ, ಕವಿಗೋಷ್ಠಿ, ಕಥಾ ಸ್ಪರ್ಧೆ ಮುಂತಾದ ಚಟುವಟಿಕೆಗಳು ಮಕ್ಕಳನ್ನು ಆಕರ್ಷಿಸುತ್ತಿವೆ.

ಭಾವೈಕ್ಯದ ರಾಯಭಾರಿಗಳಾಗಲು ಸಹಕಾರಿ

ಪೋಷಕರು ಮತ್ತು ಶಿಕ್ಷಕರ ಸಹಭಾಗಿತ್ವದಿಂದ ಹಬ್ಬದ ಯಶಸ್ಸು ಇಮ್ಮಡಿಗೊಂಡಿದೆ. ಗ್ರಾಮೀಣ ಭಾಗದ ಮಕ್ಕಳಿಗೂ ಉತ್ತಮ ಪುಸ್ತಕಗಳು ತಲುಪುವಂತೆ ಮಾಡುವ ಪ್ರಯತ್ನ ಶ್ಲಾಘನೀಯ.

ಮನೆ ಮನೆಗಳಲ್ಲಿ ಪುಟ್ಟ ಗ್ರಂಥಾಲಯ ರೂಪುಗೊಳ್ಳಲಿ ಎಂಬ ಆಶಯದೊಂದಿಗೆ ಹಬ್ಬದಲ್ಲಿ ರಿಯಾಯಿತಿ ದರದಲ್ಲಿ ಪುಸ್ತಕ ಮಾರಾಟ ನಡೆಯುತ್ತಿದೆ.

ಕನ್ನಡದ ಖ್ಯಾತ ಸಾಹಿತಿಗಳೊಂದಿಗೆ ಸಂವಾದ, ಪುಸ್ತಕ ಬಿಡುಗಡೆ, ಚಿತ್ರಕಲಾ ಸ್ಪರ್ಧೆ ಮುಂತಾದ ಕಾರ್ಯಕ್ರಮಗಳು ಹಬ್ಬದ ಮೆರುಗು ಹೆಚ್ಚಿಸಿವೆ.

ಮುಂದಿನ ವರ್ಷ ಇನ್ನಷ್ಟು ಶಾಲೆಗಳಿಗೆ ಈ ಹಬ್ಬವನ್ನು ವಿಸ್ತರಿಸುವ ಯೋಜನೆ ಇದೆ. ಪುಸ್ತಕ ಪ್ರದರ್ಶನ, ಕವಿಗೋಷ್ಠಿ, ಕಥಾ ಸ್ಪರ್ಧೆ ಮಕ್ಕಳನ್ನು ಆಕರ್ಷಿಸುತ್ತಿವೆ.

ಸಾಹಿತ್ಯಕ ಅಭಿರುಚಿ ಹೆಚ್ಚಿಸುವ ಪ್ರಯತ್ನ

ಮಕ್ಕಳಲ್ಲಿ ಓದುವ ಅಭಿರುಚಿ ಬೆಳೆಸುವ ಉದ್ದೇಶದಿಂದ ರಾಜ್ಯಾದ್ಯಂತ ಕನ್ನಡ ಪುಸ್ತಕ ಹಬ್ಬ ಆಯೋಜನೆಗೊಳ್ಳುತ್ತಿದೆ.

ಗ್ರಾಮೀಣ ಭಾಗದ ಮಕ್ಕಳಿಗೂ ಉತ್ತಮ ಪುಸ್ತಕಗಳು ತಲುಪುವಂತೆ ಮಾಡುವ ಪ್ರಯತ್ನ ಶ್ಲಾಘನೀಯ.

ಹಿರಿಯರು, ವಿದ್ಯಾರ್ಥಿಗಳಿಗೆ ಪ್ರೇರಣೆ

ಪೋಷಕರು ಮತ್ತು ಶಿಕ್ಷಕರ ಸಹಭಾಗಿತ್ವದಿಂದ ಹಬ್ಬದ ಯಶಸ್ಸು ಇಮ್ಮಡಿಗೊಂಡಿದೆ. ನಾಡು-ನುಡಿಯ ಬಗ್ಗೆ ಪ್ರೀತಿ ಮೂಡಿಸಲು ಇಂತಹ ಹಬ್ಬಗಳು ಪರಿಣಾಮಕಾರಿ ವೇದಿಕೆಯಾಗಿವೆ.

ಕನ್ನಡ
ಪುಸ್ತಕ ಹಬ್ಬ
